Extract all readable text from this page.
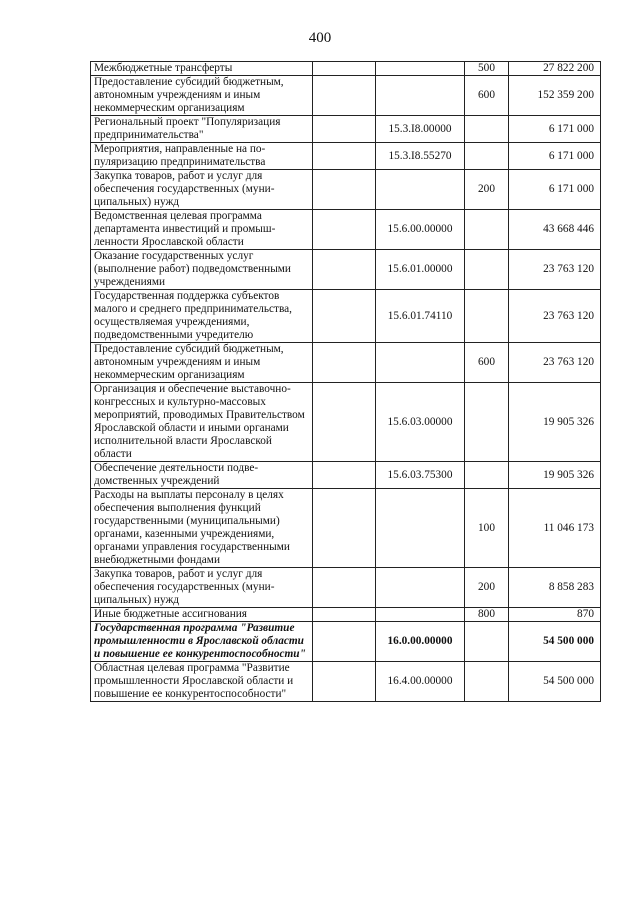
400
Межбюджетные трансферты			500	27 822 200
Предоставление субсидий бюджетным, автономным учреждениям и иным некоммерческим организациям			600	152 359 200
Региональный проект "Популяризация предпринимательства"		15.3.I8.00000		6 171 000
Мероприятия, направленные на популяризацию предпринимательства		15.3.I8.55270		6 171 000
Закупка товаров, работ и услуг для обеспечения государственных (муниципальных) нужд			200	6 171 000
Ведомственная целевая программа департамента инвестиций и промышленности Ярославской области		15.6.00.00000		43 668 446
Оказание государственных услуг (выполнение работ) подведомственными учреждениями		15.6.01.00000		23 763 120
Государственная поддержка субъектов малого и среднего предпринимательства, осуществляемая учреждениями, подведомственными учредителю		15.6.01.74110		23 763 120
Предоставление субсидий бюджетным, автономным учреждениям и иным некоммерческим организациям			600	23 763 120
Организация и обеспечение выставочно-конгрессных и культурно-массовых мероприятий, проводимых Правительством Ярославской области и иными органами исполнительной власти Ярославской области		15.6.03.00000		19 905 326
Обеспечение деятельности подведомственных учреждений		15.6.03.75300		19 905 326
Расходы на выплаты персоналу в целях обеспечения выполнения функций государственными (муниципальными) органами, казенными учреждениями, органами управления государственными внебюджетными фондами			100	11 046 173
Закупка товаров, работ и услуг для обеспечения государственных (муниципальных) нужд			200	8 858 283
Иные бюджетные ассигнования			800	870
Государственная программа "Развитие промышленности в Ярославской области и повышение ее конкурентоспособности"		16.0.00.00000		54 500 000
Областная целевая программа "Развитие промышленности Ярославской области и повышение ее конкурентоспособности"		16.4.00.00000		54 500 000
